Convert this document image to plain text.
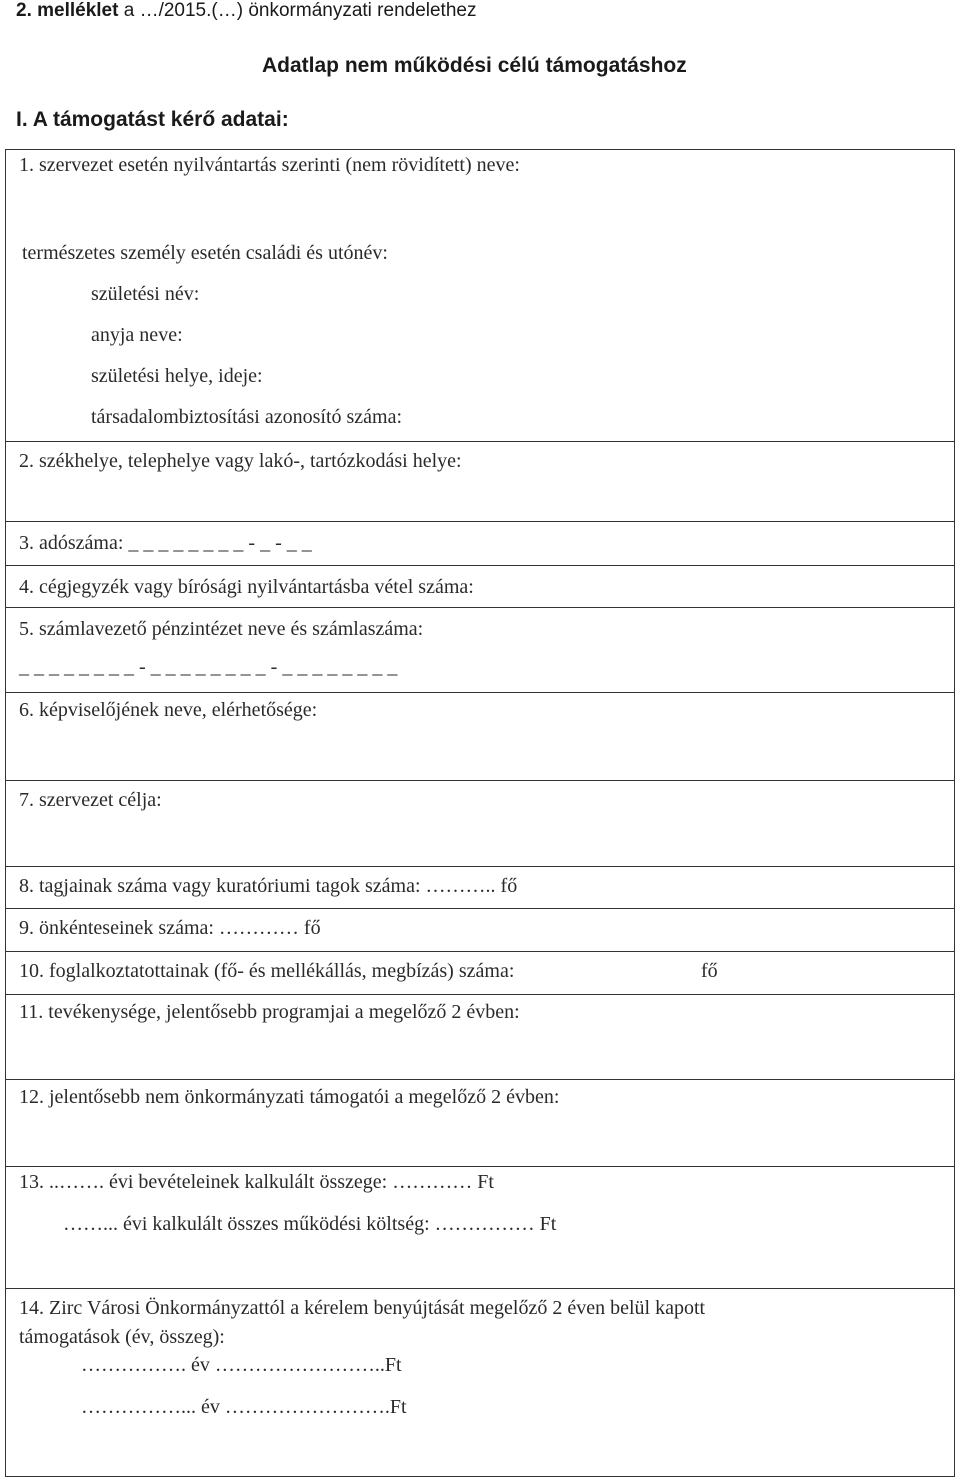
2. melléklet a …/2015.(…) önkormányzati rendelethez
Adatlap nem működési célú támogatáshoz
I. A támogatást kérő adatai:
1. szervezet esetén nyilvántartás szerinti (nem rövidített) neve:
természetes személy esetén családi és utónév:
születési név:
anyja neve:
születési helye, ideje:
társadalombiztosítási azonosító száma:
2. székhelye, telephelye vagy lakó-, tartózkodási helye:
3. adószáma: _ _ _ _ _ _ _ _ - _ - _ _
4. cégjegyzék vagy bírósági nyilvántartásba vétel száma:
5. számlavezető pénzintézet neve és számlaszáma:
_ _ _ _ _ _ _ _ - _ _ _ _ _ _ _ _ - _ _ _ _ _ _ _ _
6. képviselőjének neve, elérhetősége:
7. szervezet célja:
8. tagjainak száma vagy kuratóriumi tagok száma: ……….. fő
9. önkénteseinek száma: ………… fő
10. foglalkoztatottainak (fő- és mellékállás, megbízás) száma:	fő
11. tevékenysége, jelentősebb programjai a megelőző 2 évben:
12. jelentősebb nem önkormányzati támogatói a megelőző 2 évben:
13. ..……. évi bevételeinek kalkulált összege: ………… Ft
……... évi kalkulált összes működési költség: …………… Ft
14. Zirc Városi Önkormányzattól a kérelem benyújtását megelőző 2 éven belül kapott
támogatások (év, összeg):
……………. év ……………………..Ft
……………... év …………………….Ft
